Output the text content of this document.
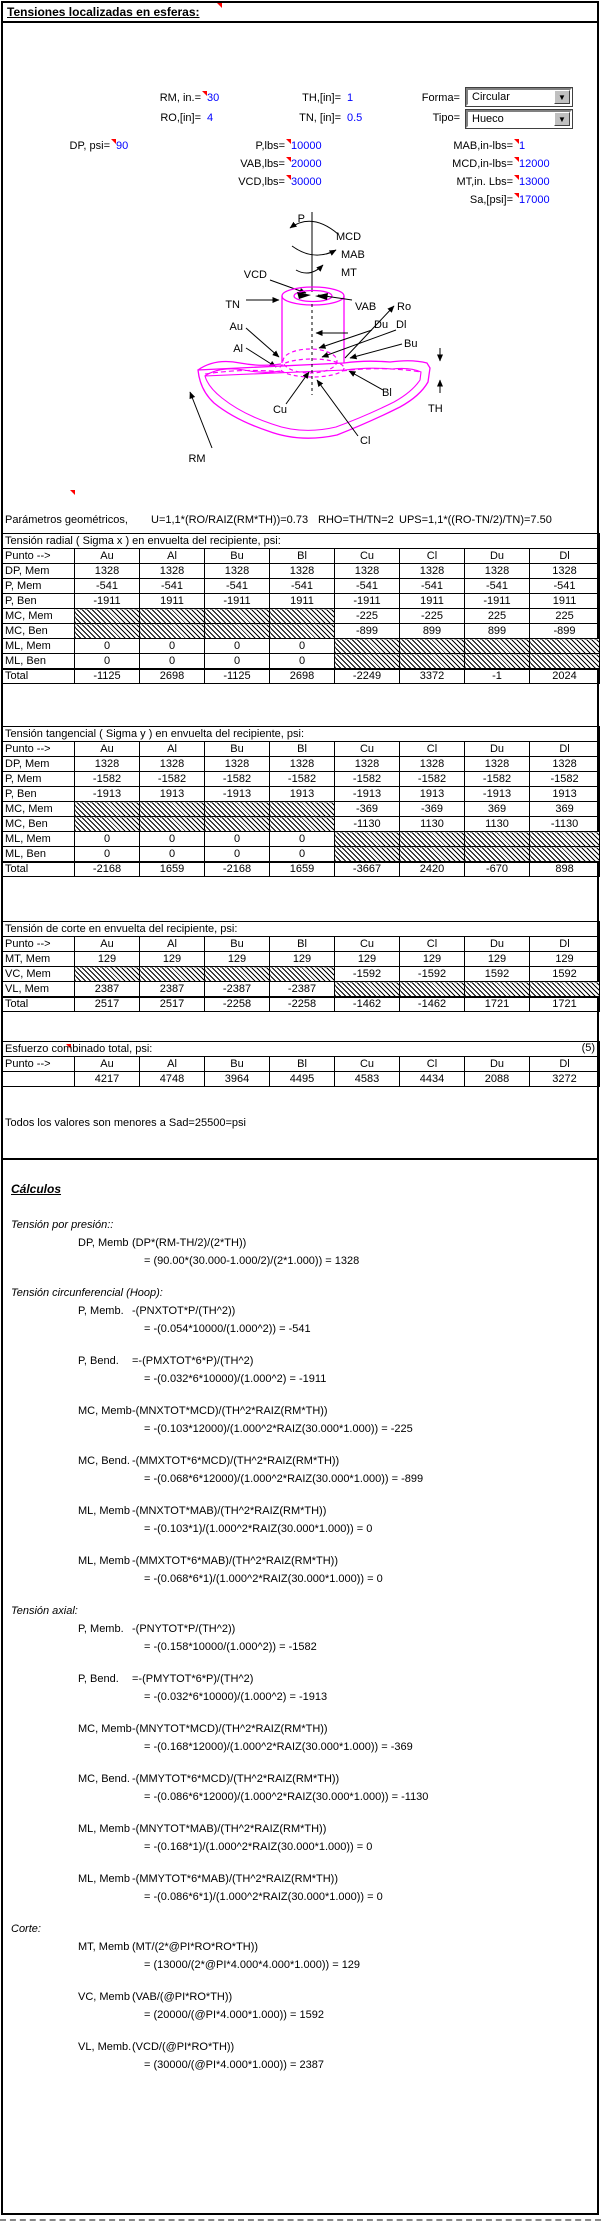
Tensiones localizadas en esferas:
RM, in.= 30	TH,[in]= 1	Forma= Circular	▼
RO,[in]= 4	TN, [in]= 0.5	Tipo= Hueco	▼
DP, psi= 90	P,lbs= 10000
VAB,lbs= 20000
VCD,lbs= 30000
MAB,in-lbs= 1
MCD,in-lbs= 12000
MT,in. Lbs= 13000
Sa,[psi]= 17000
P
MCD
MAB
MT
VCD
TN	VAB Ro
Du Dl
Bu
Au
Al
Bl
Cu
Cl
TH
RM
Parámetros geométricos, U=1,1*(RO/RAIZ(RM*TH))=0.73 RHO=TH/TN=2 UPS=1,1*((RO-TN/2)/TN)=7.50
Tensión radial ( Sigma x ) en envuelta del recipiente, psi:								
Punto -->	Au	Al	Bu	Bl	Cu	Cl	Du	Dl
DP, Mem	1328	1328	1328	1328	1328	1328	1328	1328
P, Mem	-541	-541	-541	-541	-541	-541	-541	-541
P, Ben	-1911	1911	-1911	1911	-1911	1911	-1911	1911
MC, Mem					-225	-225	225	225
MC, Ben					-899	899	899	-899
ML, Mem	0	0	0	0				
ML, Ben	0	0	0	0				
Total	-1125	2698	-1125	2698	-2249	3372	-1	2024
Tensión tangencial ( Sigma y ) en envuelta del recipiente, psi:								
Punto -->	Au	Al	Bu	Bl	Cu	Cl	Du	Dl
DP, Mem	1328	1328	1328	1328	1328	1328	1328	1328
P, Mem	-1582	-1582	-1582	-1582	-1582	-1582	-1582	-1582
P, Ben	-1913	1913	-1913	1913	-1913	1913	-1913	1913
MC, Mem					-369	-369	369	369
MC, Ben					-1130	1130	1130	-1130
ML, Mem	0	0	0	0				
ML, Ben	0	0	0	0				
Total	-2168	1659	-2168	1659	-3667	2420	-670	898
Tensión de corte en envuelta del recipiente, psi:								
Punto -->	Au	Al	Bu	Bl	Cu	Cl	Du	Dl
MT, Mem	129	129	129	129	129	129	129	129
VC, Mem					-1592	-1592	1592	1592
VL, Mem	2387	2387	-2387	-2387				
Total	2517	2517	-2258	-2258	-1462	-1462	1721	1721
Esfuerzo combinado total, psi: (5)								

Punto -->	Au	Al	Bu	Bl	Cu	Cl	Du	Dl
	4217	4748	3964	4495	4583	4434	2088	3272
Todos los valores son menores a Sad=25500=psi
Cálculos
Tensión por presión::
DP, Memb (DP*(RM-TH/2)/(2*TH))
= (90.00*(30.000-1.000/2)/(2*1.000)) = 1328
Tensión circunferencial (Hoop):
P, Memb. -(PNXTOT*P/(TH^2))
= -(0.054*10000/(1.000^2)) = -541
P, Bend. =-(PMXTOT*6*P)/(TH^2)
= -(0.032*6*10000)/(1.000^2) = -1911
MC, Memb-(MNXTOT*MCD)/(TH^2*RAIZ(RM*TH))
= -(0.103*12000)/(1.000^2*RAIZ(30.000*1.000)) = -225
MC, Bend. -(MMXTOT*6*MCD)/(TH^2*RAIZ(RM*TH))
= -(0.068*6*12000)/(1.000^2*RAIZ(30.000*1.000)) = -899
ML, Memb -(MNXTOT*MAB)/(TH^2*RAIZ(RM*TH))
= -(0.103*1)/(1.000^2*RAIZ(30.000*1.000)) = 0
ML, Memb -(MMXTOT*6*MAB)/(TH^2*RAIZ(RM*TH))
= -(0.068*6*1)/(1.000^2*RAIZ(30.000*1.000)) = 0
Tensión axial:
P, Memb. -(PNYTOT*P/(TH^2))
= -(0.158*10000/(1.000^2)) = -1582
P, Bend. =-(PMYTOT*6*P)/(TH^2)
= -(0.032*6*10000)/(1.000^2) = -1913
MC, Memb-(MNYTOT*MCD)/(TH^2*RAIZ(RM*TH))
= -(0.168*12000)/(1.000^2*RAIZ(30.000*1.000)) = -369
MC, Bend. -(MMYTOT*6*MCD)/(TH^2*RAIZ(RM*TH))
= -(0.086*6*12000)/(1.000^2*RAIZ(30.000*1.000)) = -1130
ML, Memb -(MNYTOT*MAB)/(TH^2*RAIZ(RM*TH))
= -(0.168*1)/(1.000^2*RAIZ(30.000*1.000)) = 0
ML, Memb -(MMYTOT*6*MAB)/(TH^2*RAIZ(RM*TH))
= -(0.086*6*1)/(1.000^2*RAIZ(30.000*1.000)) = 0
Corte:
MT, Memb (MT/(2*@PI*RO*RO*TH))
= (13000/(2*@PI*4.000*4.000*1.000)) = 129
VC, Memb (VAB/(@PI*RO*TH))
= (20000/(@PI*4.000*1.000)) = 1592
VL, Memb.(VCD/(@PI*RO*TH))
= (30000/(@PI*4.000*1.000)) = 2387
